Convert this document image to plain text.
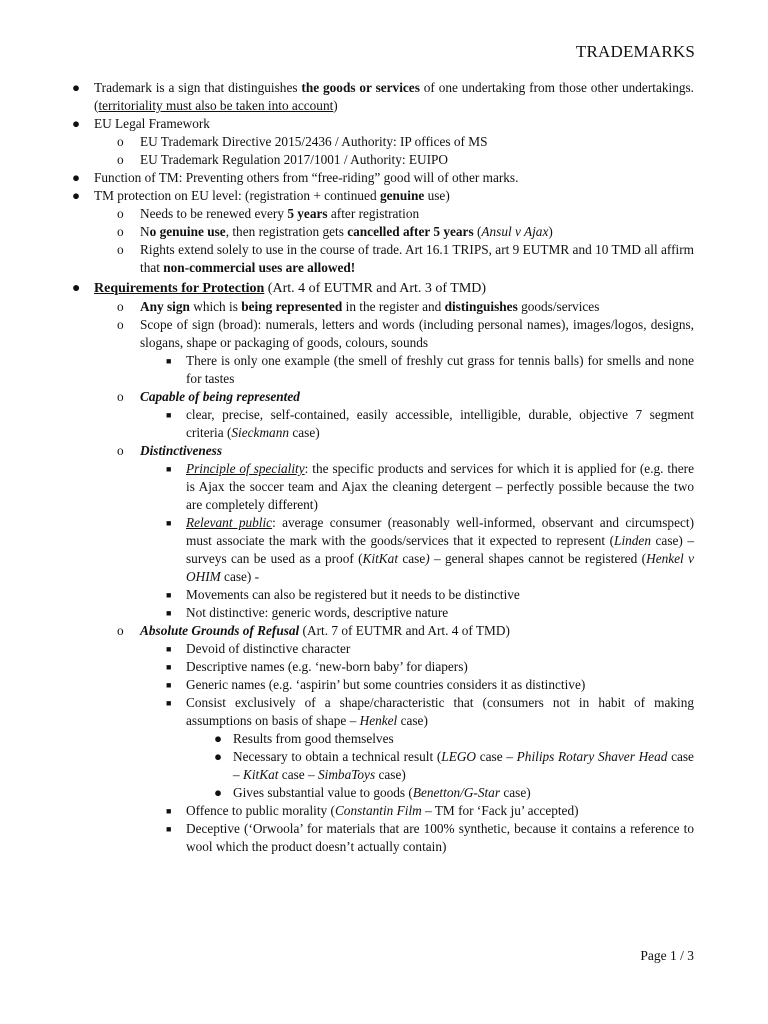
TRADEMARKS
● Trademark is a sign that distinguishes the goods or services of one undertaking from those other undertakings. (territoriality must also be taken into account)
● EU Legal Framework
o EU Trademark Directive 2015/2436 / Authority: IP offices of MS
o EU Trademark Regulation 2017/1001 / Authority: EUIPO
● Function of TM: Preventing others from “free-riding” good will of other marks.
● TM protection on EU level: (registration + continued genuine use)
o Needs to be renewed every 5 years after registration
o No genuine use, then registration gets cancelled after 5 years (Ansul v Ajax)
o Rights extend solely to use in the course of trade. Art 16.1 TRIPS, art 9 EUTMR and 10 TMD all affirm that non-commercial uses are allowed!
● Requirements for Protection (Art. 4 of EUTMR and Art. 3 of TMD)
o Any sign which is being represented in the register and distinguishes goods/services
o Scope of sign (broad): numerals, letters and words (including personal names), images/logos, designs, slogans, shape or packaging of goods, colours, sounds
■ There is only one example (the smell of freshly cut grass for tennis balls) for smells and none for tastes
o Capable of being represented
■ clear, precise, self-contained, easily accessible, intelligible, durable, objective 7 segment criteria (Sieckmann case)
o Distinctiveness
■ Principle of speciality: the specific products and services for which it is applied for (e.g. there is Ajax the soccer team and Ajax the cleaning detergent – perfectly possible because the two are completely different)
■ Relevant public: average consumer (reasonably well-informed, observant and circumspect) must associate the mark with the goods/services that it expected to represent (Linden case) – surveys can be used as a proof (KitKat case) – general shapes cannot be registered (Henkel v OHIM case) -
■ Movements can also be registered but it needs to be distinctive
■ Not distinctive: generic words, descriptive nature
o Absolute Grounds of Refusal (Art. 7 of EUTMR and Art. 4 of TMD)
■ Devoid of distinctive character
■ Descriptive names (e.g. ‘new-born baby’ for diapers)
■ Generic names (e.g. ‘aspirin’ but some countries considers it as distinctive)
■ Consist exclusively of a shape/characteristic that (consumers not in habit of making assumptions on basis of shape – Henkel case)
● Results from good themselves
● Necessary to obtain a technical result (LEGO case – Philips Rotary Shaver Head case – KitKat case – SimbaToys case)
● Gives substantial value to goods (Benetton/G-Star case)
■ Offence to public morality (Constantin Film – TM for ‘Fack ju’ accepted)
■ Deceptive (‘Orwoola’ for materials that are 100% synthetic, because it contains a reference to wool which the product doesn’t actually contain)
Page 1 / 3
